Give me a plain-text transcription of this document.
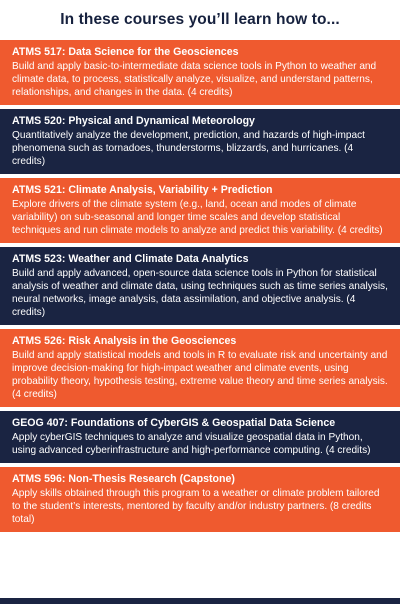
In these courses you’ll learn how to...
ATMS 517: Data Science for the Geosciences
Build and apply basic-to-intermediate data science tools in Python to weather and climate data, to process, statistically analyze, visualize, and understand patterns, relationships, and changes in the data. (4 credits)
ATMS 520: Physical and Dynamical Meteorology
Quantitatively analyze the development, prediction, and hazards of high-impact phenomena such as tornadoes, thunderstorms, blizzards, and hurricanes. (4 credits)
ATMS 521: Climate Analysis, Variability + Prediction
Explore drivers of the climate system (e.g., land, ocean and modes of climate variability) on sub-seasonal and longer time scales and develop statistical techniques and run climate models to analyze and predict this variability. (4 credits)
ATMS 523: Weather and Climate Data Analytics
Build and apply advanced, open-source data science tools in Python for statistical analysis of weather and climate data, using techniques such as time series analysis, neural networks, image analysis, data assimilation, and objective analysis. (4 credits)
ATMS 526: Risk Analysis in the Geosciences
Build and apply statistical models and tools in R to evaluate risk and uncertainty and improve decision-making for high-impact weather and climate events, using probability theory, hypothesis testing, extreme value theory and time series analysis. (4 credits)
GEOG 407: Foundations of CyberGIS & Geospatial Data Science
Apply cyberGIS techniques to analyze and visualize geospatial data in Python, using advanced cyberinfrastructure and high-performance computing. (4 credits)
ATMS 596: Non-Thesis Research (Capstone)
Apply skills obtained through this program to a weather or climate problem tailored to the student’s interests, mentored by faculty and/or industry partners. (8 credits total)
